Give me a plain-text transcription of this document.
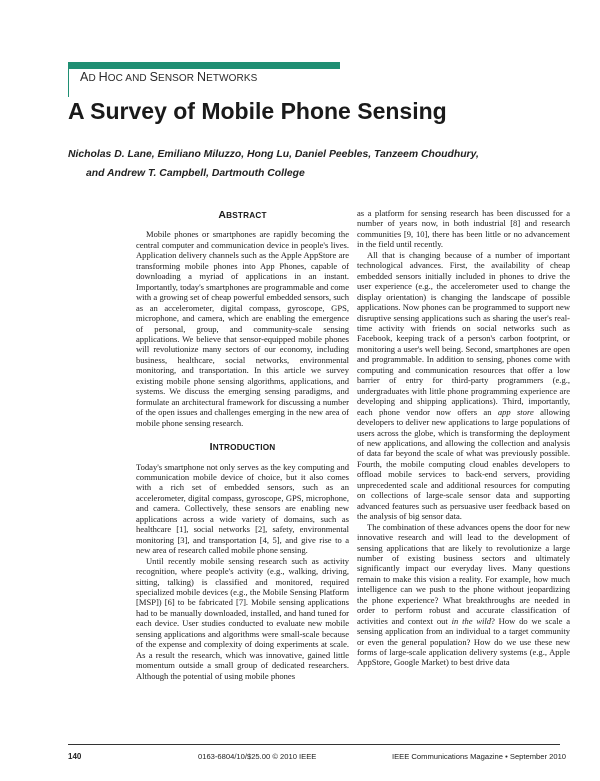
AD HOC AND SENSOR NETWORKS
A Survey of Mobile Phone Sensing
Nicholas D. Lane, Emiliano Miluzzo, Hong Lu, Daniel Peebles, Tanzeem Choudhury,
and Andrew T. Campbell, Dartmouth College
ABSTRACT

Mobile phones or smartphones are rapidly becoming the central computer and communication device in people's lives. Application delivery channels such as the Apple AppStore are transforming mobile phones into App Phones, capable of downloading a myriad of applications in an instant. Importantly, today's smartphones are programmable and come with a growing set of cheap powerful embedded sensors, such as an accelerometer, digital compass, gyroscope, GPS, microphone, and camera, which are enabling the emergence of personal, group, and community-scale sensing applications. We believe that sensor-equipped mobile phones will revolutionize many sectors of our economy, including business, healthcare, social networks, environmental monitoring, and transportation. In this article we survey existing mobile phone sensing algorithms, applications, and systems. We discuss the emerging sensing paradigms, and formulate an architectural framework for discussing a number of the open issues and challenges emerging in the new area of mobile phone sensing research.

INTRODUCTION

Today's smartphone not only serves as the key computing and communication mobile device of choice, but it also comes with a rich set of embedded sensors, such as an accelerometer, digital compass, gyroscope, GPS, microphone, and camera. Collectively, these sensors are enabling new applications across a wide variety of domains, such as healthcare [1], social networks [2], safety, environmental monitoring [3], and transportation [4, 5], and give rise to a new area of research called mobile phone sensing.

Until recently mobile sensing research such as activity recognition, where people's activity (e.g., walking, driving, sitting, talking) is classified and monitored, required specialized mobile devices (e.g., the Mobile Sensing Platform [MSP]) [6] to be fabricated [7]. Mobile sensing applications had to be manually downloaded, installed, and hand tuned for each device. User studies conducted to evaluate new mobile sensing applications and algorithms were small-scale because of the expense and complexity of doing experiments at scale. As a result the research, which was innovative, gained little momentum outside a small group of dedicated researchers. Although the potential of using mobile phones

as a platform for sensing research has been discussed for a number of years now, in both industrial [8] and research communities [9, 10], there has been little or no advancement in the field until recently.

All that is changing because of a number of important technological advances. First, the availability of cheap embedded sensors initially included in phones to drive the user experience (e.g., the accelerometer used to change the display orientation) is changing the landscape of possible applications. Now phones can be programmed to support new disruptive sensing applications such as sharing the user's real-time activity with friends on social networks such as Facebook, keeping track of a person's carbon footprint, or monitoring a user's well being. Second, smartphones are open and programmable. In addition to sensing, phones come with computing and communication resources that offer a low barrier of entry for third-party programmers (e.g., undergraduates with little phone programming experience are developing and shipping applications). Third, importantly, each phone vendor now offers an app store allowing developers to deliver new applications to large populations of users across the globe, which is transforming the deployment of new applications, and allowing the collection and analysis of data far beyond the scale of what was previously possible. Fourth, the mobile computing cloud enables developers to offload mobile services to back-end servers, providing unprecedented scale and additional resources for computing on collections of large-scale sensor data and supporting advanced features such as persuasive user feedback based on the analysis of big sensor data.

The combination of these advances opens the door for new innovative research and will lead to the development of sensing applications that are likely to revolutionize a large number of existing business sectors and ultimately significantly impact our everyday lives. Many questions remain to make this vision a reality. For example, how much intelligence can we push to the phone without jeopardizing the phone experience? What breakthroughs are needed in order to perform robust and accurate classification of activities and context out in the wild? How do we scale a sensing application from an individual to a target community or even the general population? How do we use these new forms of large-scale application delivery systems (e.g., Apple AppStore, Google Market) to best drive data

140	0163-6804/10/$25.00 © 2010 IEEE	IEEE Communications Magazine • September 2010
